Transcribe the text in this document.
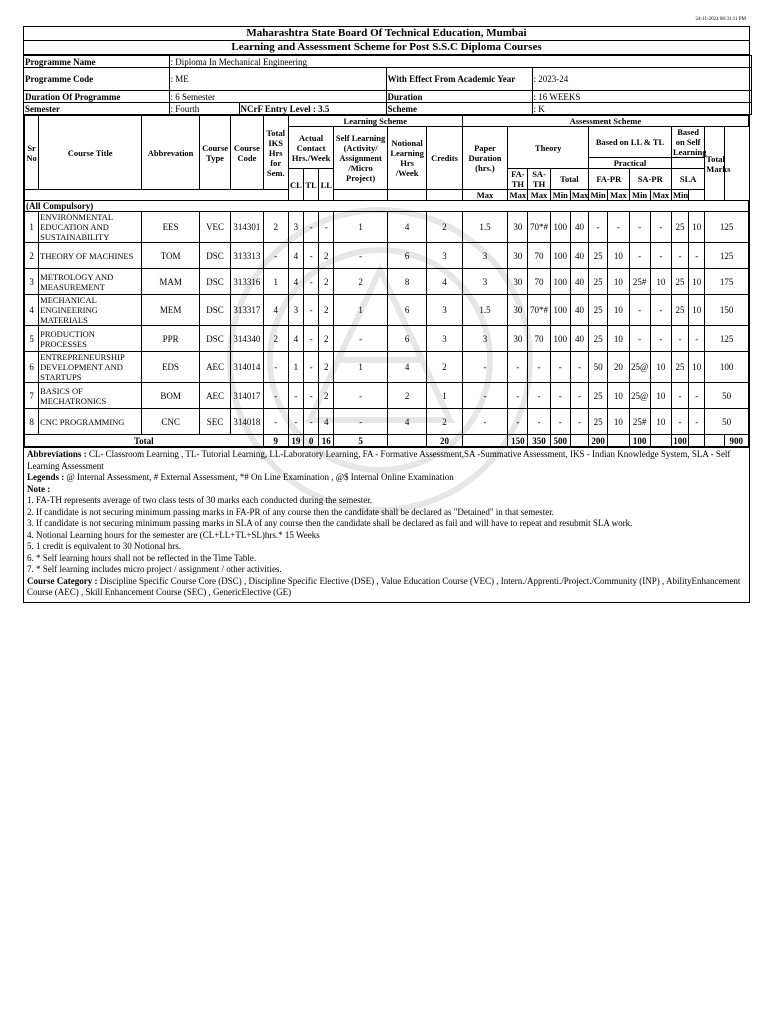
24-11-2024 08:31:11 PM
Maharashtra State Board Of Technical Education, Mumbai
Learning and Assessment Scheme for Post S.S.C Diploma Courses
Programme Name	: Diploma In Mechanical Engineering			
Programme Code	: ME		With Effect From Academic Year	: 2023-24
Duration Of Programme	: 6 Semester		Duration	: 16 WEEKS
Semester	: Fourth	NCrF Entry Level : 3.5	Scheme	: K
Sr No	Course Title	Abbrevation	Course Type	Course Code	Total IKS Hrs for Sem.	Learning Scheme						Assessment Scheme												
						Actual Contact Hrs./Week			Self Learning (Activity/ Assignment /Micro Project)	Notional Learning Hrs /Week	Credits	Paper Duration (hrs.)	Theory				Based on LL & TL				Based on Self Learning		Total Marks	
																	Practical							
						CL	TL	LL					FA-TH	SA-TH	Total		FA-PR		SA-PR		SLA			
												Max	Max	Max	Min	Max	Min	Max	Min	Max	Min			
(All Compulsory)																								
1	ENVIRONMENTAL EDUCATION AND SUSTAINABILITY	EES	VEC	314301	2	3	-	-	1	4	2	1.5	30	70*#	100	40	-	-	-	-	25	10	125	
2	THEORY OF MACHINES	TOM	DSC	313313	-	4	-	2	-	6	3	3	30	70	100	40	25	10	-	-	-	-	125	
3	METROLOGY AND MEASUREMENT	MAM	DSC	313316	1	4	-	2	2	8	4	3	30	70	100	40	25	10	25#	10	25	10	175	
4	MECHANICAL ENGINEERING MATERIALS	MEM	DSC	313317	4	3	-	2	1	6	3	1.5	30	70*#	100	40	25	10	-	-	25	10	150	
5	PRODUCTION PROCESSES	PPR	DSC	314340	2	4	-	2	-	6	3	3	30	70	100	40	25	10	-	-	-	-	125	
6	ENTREPRENEURSHIP DEVELOPMENT AND STARTUPS	EDS	AEC	314014	-	1	-	2	1	4	2	-	-	-	-	-	50	20	25@	10	25	10	100	
7	BASICS OF MECHATRONICS	BOM	AEC	314017	-	-	-	2	-	2	1	-	-	-	-	-	25	10	25@	10	-	-	50	
8	CNC PROGRAMMING	CNC	SEC	314018	-	-	-	4	-	4	2	-	-	-	-	-	25	10	25#	10	-	-	50	
Total					9	19	0	16	5		20		150	350	500		200		100		100			900
Abbreviations : CL- Classroom Learning , TL- Tutorial Learning, LL-Laboratory Learning, FA - Formative Assessment,SA -Summative Assessment, IKS - Indian Knowledge System, SLA - Self Learning Assessment
Legends : @ Internal Assessment, # External Assessment, *# On Line Examination , @$ Internal Online Examination
Note :
1. FA-TH represents average of two class tests of 30 marks each conducted during the semester.
2. If candidate is not securing minimum passing marks in FA-PR of any course then the candidate shall be declared as "Detained" in that semester.
3. If candidate is not securing minimum passing marks in SLA of any course then the candidate shall be declared as fail and will have to repeat and resubmit SLA work.
4. Notional Learning hours for the semester are (CL+LL+TL+SL)hrs.* 15 Weeks
5. 1 credit is equivalent to 30 Notional hrs.
6. * Self learning hours shall not be reflected in the Time Table.
7. * Self learning includes micro project / assignment / other activities.
Course Category : Discipline Specific Course Core (DSC) , Discipline Specific Elective (DSE) , Value Education Course (VEC) , Intern./Apprenti./Project./Community (INP) , AbilityEnhancement Course (AEC) , Skill Enhancement Course (SEC) , GenericElective (GE)
